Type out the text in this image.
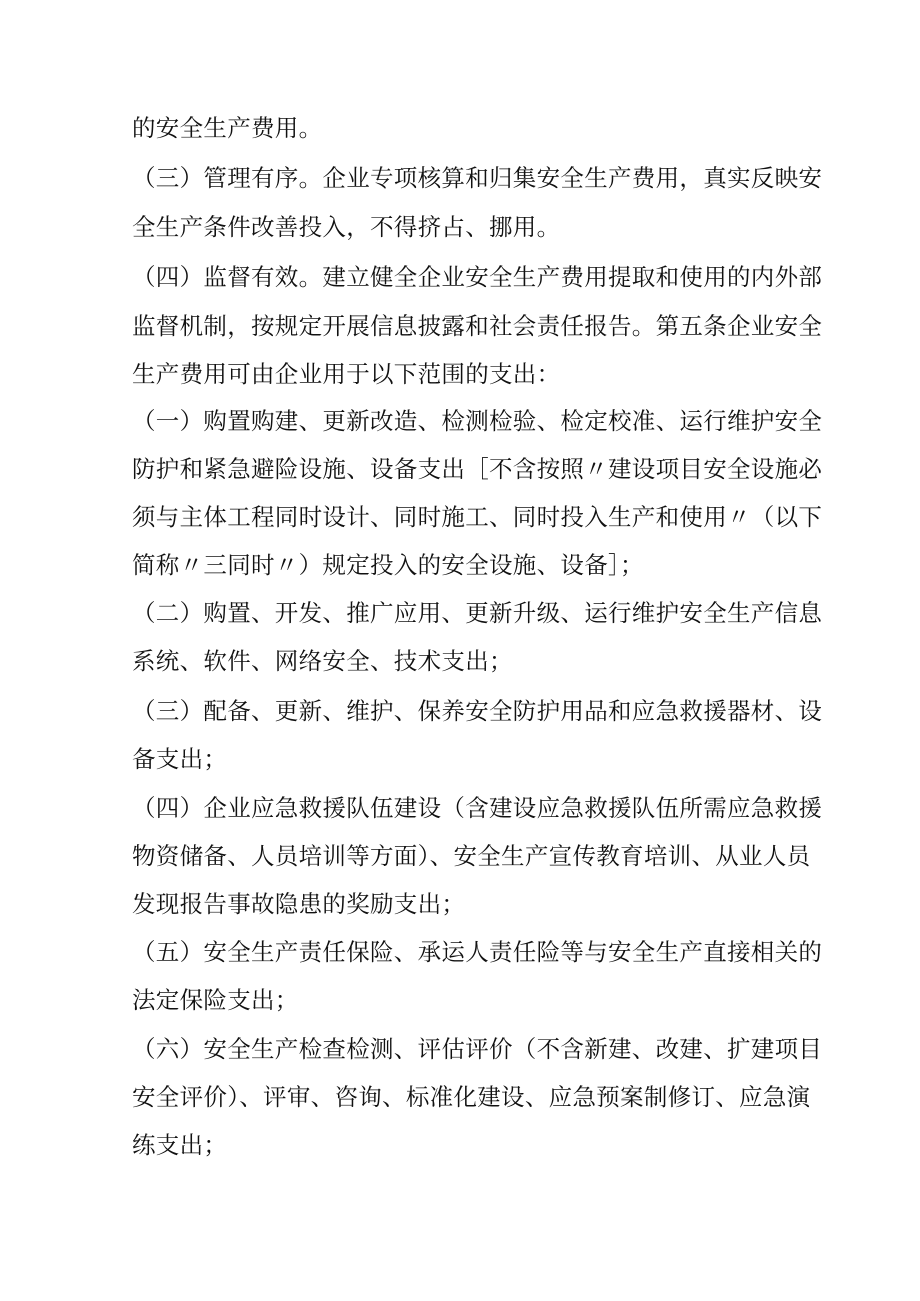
的安全生产费用。
（三）管理有序。企业专项核算和归集安全生产费用，真实反映安
全生产条件改善投入，不得挤占、挪用。
（四）监督有效。建立健全企业安全生产费用提取和使用的内外部
监督机制，按规定开展信息披露和社会责任报告。第五条企业安全
生产费用可由企业用于以下范围的支出：
（一）购置购建、更新改造、检测检验、检定校准、运行维护安全
防护和紧急避险设施、设备支出［不含按照〃建设项目安全设施必
须与主体工程同时设计、同时施工、同时投入生产和使用〃（以下
简称〃三同时〃）规定投入的安全设施、设备］；
（二）购置、开发、推广应用、更新升级、运行维护安全生产信息
系统、软件、网络安全、技术支出；
（三）配备、更新、维护、保养安全防护用品和应急救援器材、设
备支出；
（四）企业应急救援队伍建设（含建设应急救援队伍所需应急救援
物资储备、人员培训等方面）、安全生产宣传教育培训、从业人员
发现报告事故隐患的奖励支出；
（五）安全生产责任保险、承运人责任险等与安全生产直接相关的
法定保险支出；
（六）安全生产检查检测、评估评价（不含新建、改建、扩建项目
安全评价）、评审、咨询、标准化建设、应急预案制修订、应急演
练支出；
